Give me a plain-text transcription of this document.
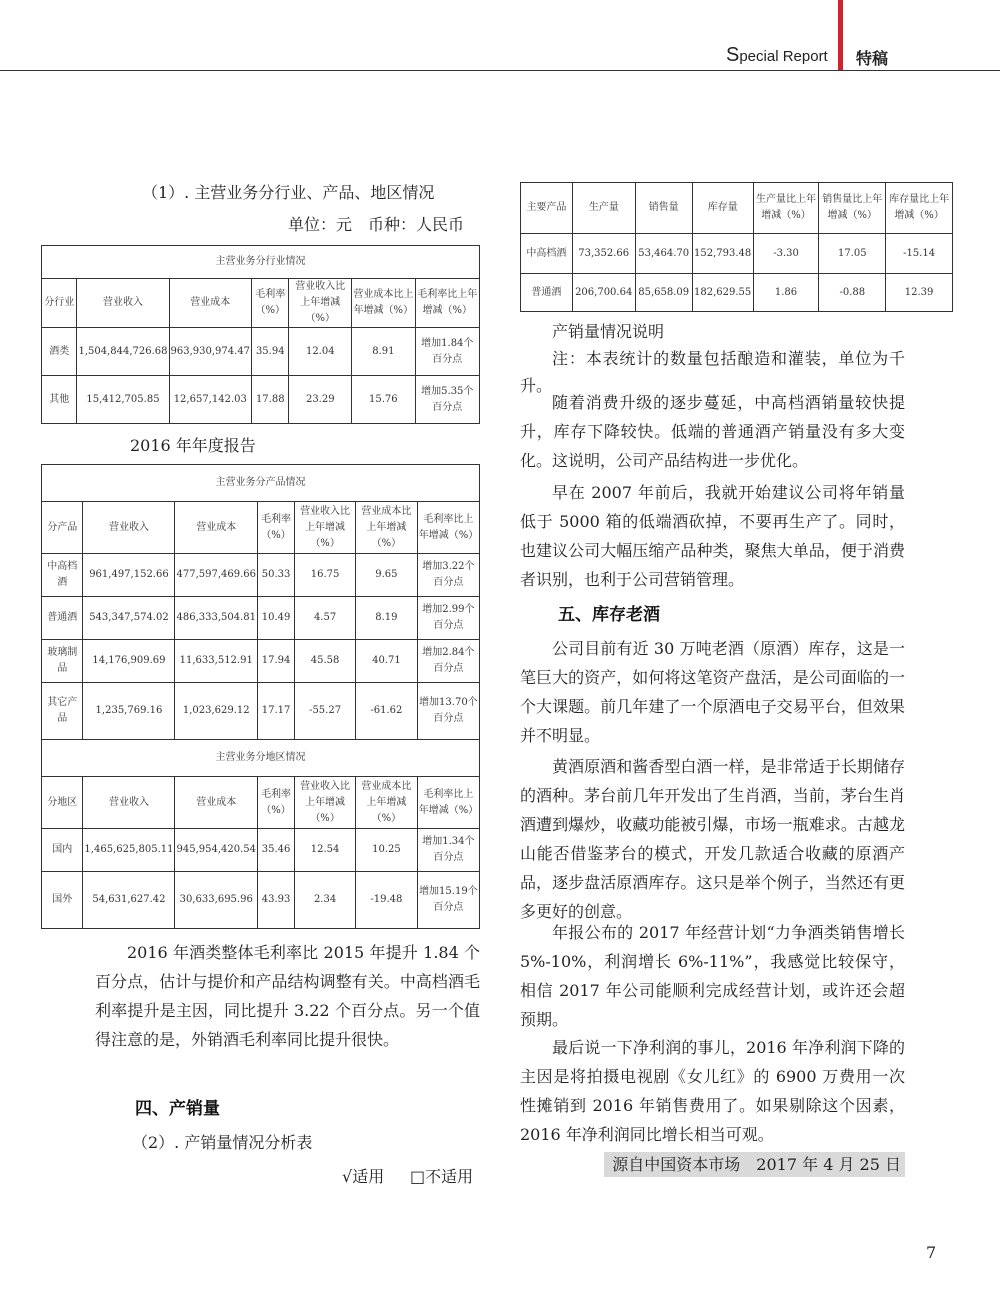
Special Report 特稿
（1）. 主营业务分行业、产品、地区情况
单位：元　币种：人民币
主营业务分行业情况						
分行业	营业收入	营业成本	毛利率（%）	营业收入比上年增减（%）	营业成本比上年增减（%）	毛利率比上年增减（%）
酒类	1,504,844,726.68	963,930,974.47	35.94	12.04	8.91	增加1.84个百分点
其他	15,412,705.85	12,657,142.03	17.88	23.29	15.76	增加5.35个百分点
2016 年年度报告
主营业务分产品情况						
分产品	营业收入	营业成本	毛利率（%）	营业收入比上年增减（%）	营业成本比上年增减（%）	毛利率比上年增减（%）
中高档酒	961,497,152.66	477,597,469.66	50.33	16.75	9.65	增加3.22个百分点
普通酒	543,347,574.02	486,333,504.81	10.49	4.57	8.19	增加2.99个百分点
玻璃制品	14,176,909.69	11,633,512.91	17.94	45.58	40.71	增加2.84个百分点
其它产品	1,235,769.16	1,023,629.12	17.17	-55.27	-61.62	增加13.70个百分点
主营业务分地区情况						
分地区	营业收入	营业成本	毛利率（%）	营业收入比上年增减（%）	营业成本比上年增减（%）	毛利率比上年增减（%）
国内	1,465,625,805.11	945,954,420.54	35.46	12.54	10.25	增加1.34个百分点
国外	54,631,627.42	30,633,695.96	43.93	2.34	-19.48	增加15.19个百分点

2016 年酒类整体毛利率比 2015 年提升 1.84 个百分点，估计与提价和产品结构调整有关。中高档酒毛利率提升是主因，同比提升 3.22 个百分点。另一个值得注意的是，外销酒毛利率同比提升很快。

四、产销量
（2）. 产销量情况分析表
√适用 □不适用
主要产品	生产量	销售量	库存量	生产量比上年增减（%）	销售量比上年增减（%）	库存量比上年增减（%）
中高档酒	73,352.66	53,464.70	152,793.48	-3.30	17.05	-15.14
普通酒	206,700.64	85,658.09	182,629.55	1.86	-0.88	12.39

产销量情况说明

注：本表统计的数量包括酿造和灌装，单位为千升。

随着消费升级的逐步蔓延，中高档酒销量较快提升，库存下降较快。低端的普通酒产销量没有多大变化。这说明，公司产品结构进一步优化。

早在 2007 年前后，我就开始建议公司将年销量低于 5000 箱的低端酒砍掉，不要再生产了。同时，也建议公司大幅压缩产品种类，聚焦大单品，便于消费者识别，也利于公司营销管理。

五、库存老酒

公司目前有近 30 万吨老酒（原酒）库存，这是一笔巨大的资产，如何将这笔资产盘活，是公司面临的一个大课题。前几年建了一个原酒电子交易平台，但效果并不明显。

黄酒原酒和酱香型白酒一样，是非常适于长期储存的酒种。茅台前几年开发出了生肖酒，当前，茅台生肖酒遭到爆炒，收藏功能被引爆，市场一瓶难求。古越龙山能否借鉴茅台的模式，开发几款适合收藏的原酒产品，逐步盘活原酒库存。这只是举个例子，当然还有更多更好的创意。

年报公布的 2017 年经营计划“力争酒类销售增长 5%-10%，利润增长 6%-11%”，我感觉比较保守，相信 2017 年公司能顺利完成经营计划，或许还会超预期。

最后说一下净利润的事儿，2016 年净利润下降的主因是将拍摄电视剧《女儿红》的 6900 万费用一次性摊销到 2016 年销售费用了。如果剔除这个因素，2016 年净利润同比增长相当可观。

源自中国资本市场　2017 年 4 月 25 日
7
